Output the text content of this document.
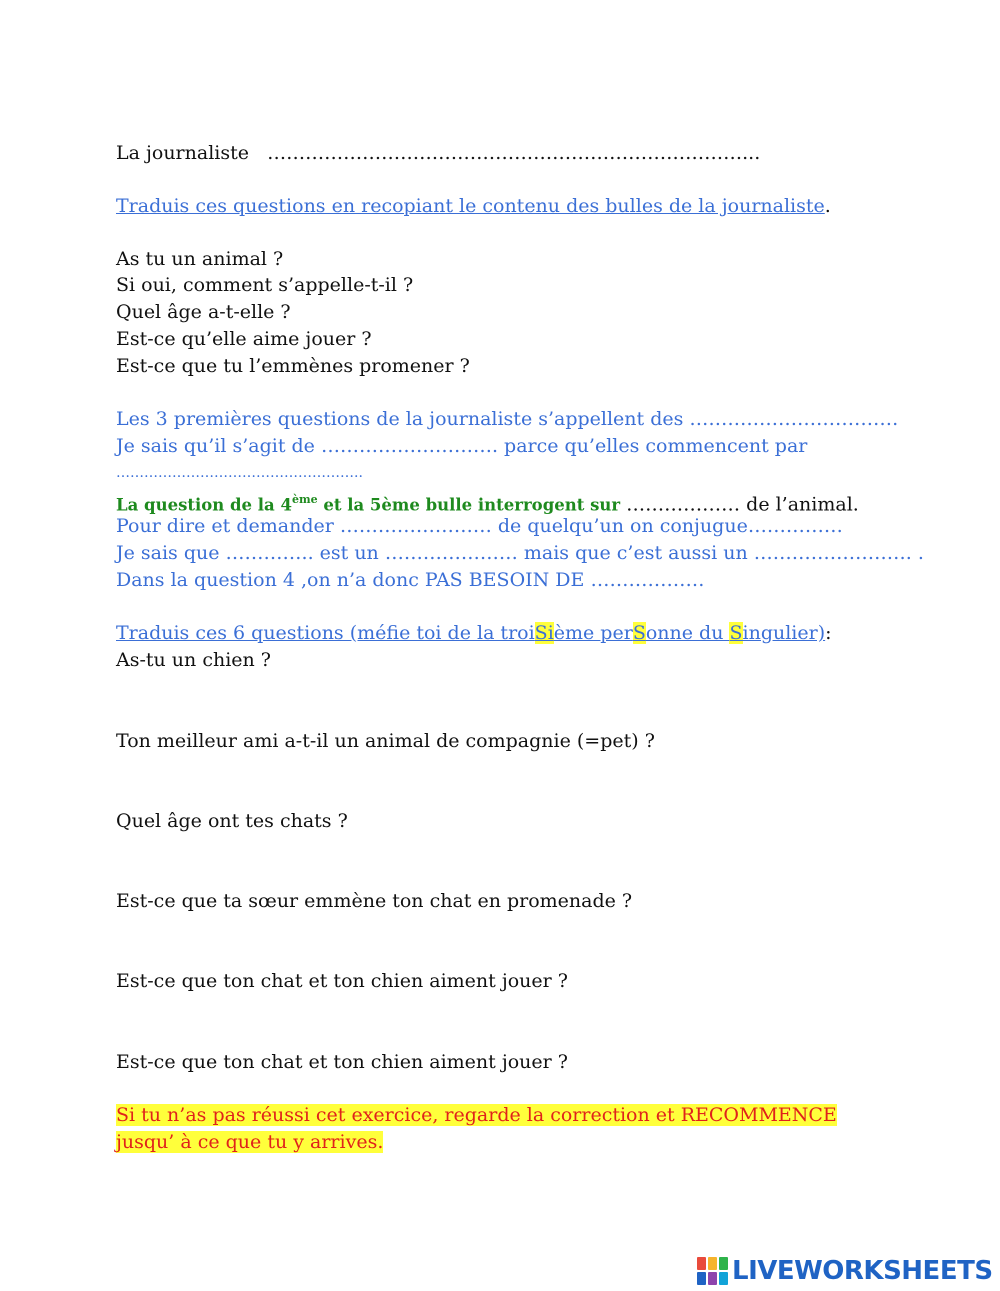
La journaliste …………………………………………………………………...
Traduis ces questions en recopiant le contenu des bulles de la journaliste.
As tu un animal ?
Si oui, comment s’appelle-t-il ?
Quel âge a-t-elle ?
Est-ce qu’elle aime jouer ?
Est-ce que tu l’emmènes promener ?
Les 3 premières questions de la journaliste s’appellent des ……………………………
Je sais qu’il s’agit de ………………………. parce qu’elles commencent par
……………………………………………..
La question de la 4ème et la 5ème bulle interrogent sur ……………… de l’animal.
Pour dire et demander …………………… de quelqu’un on conjugue……………
Je sais que ………….. est un ………………… mais que c’est aussi un ……………………. .
Dans la question 4 ,on n’a donc PAS BESOIN DE ………………
Traduis ces 6 questions (méfie toi de la troiSième perSonne du Singulier):
As-tu un chien ?
Ton meilleur ami a-t-il un animal de compagnie (=pet) ?
Quel âge ont tes chats ?
Est-ce que ta sœur emmène ton chat en promenade ?
Est-ce que ton chat et ton chien aiment jouer ?
Est-ce que ton chat et ton chien aiment jouer ?
Si tu n’as pas réussi cet exercice, regarde la correction et RECOMMENCE
jusqu’ à ce que tu y arrives.
LIVEWORKSHEETS
